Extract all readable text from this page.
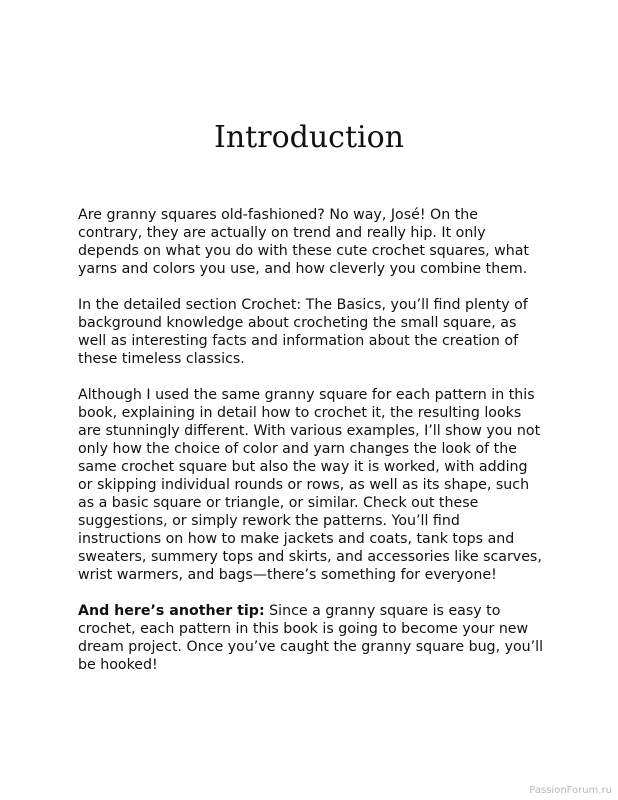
Introduction

Are granny squares old-fashioned? No way, José! On the contrary, they are actually on trend and really hip. It only depends on what you do with these cute crochet squares, what yarns and colors you use, and how cleverly you combine them.

In the detailed section Crochet: The Basics, you’ll find plenty of background knowledge about crocheting the small square, as well as interesting facts and information about the creation of these timeless classics.

Although I used the same granny square for each pattern in this book, explaining in detail how to crochet it, the resulting looks are stunningly different. With various examples, I’ll show you not only how the choice of color and yarn changes the look of the same crochet square but also the way it is worked, with adding or skipping individual rounds or rows, as well as its shape, such as a basic square or triangle, or similar. Check out these suggestions, or simply rework the patterns. You’ll find instructions on how to make jackets and coats, tank tops and sweaters, summery tops and skirts, and accessories like scarves, wrist warmers, and bags—there’s something for everyone!

And here’s another tip: Since a granny square is easy to crochet, each pattern in this book is going to become your new dream project. Once you’ve caught the granny square bug, you’ll be hooked!

PassionForum.ru
